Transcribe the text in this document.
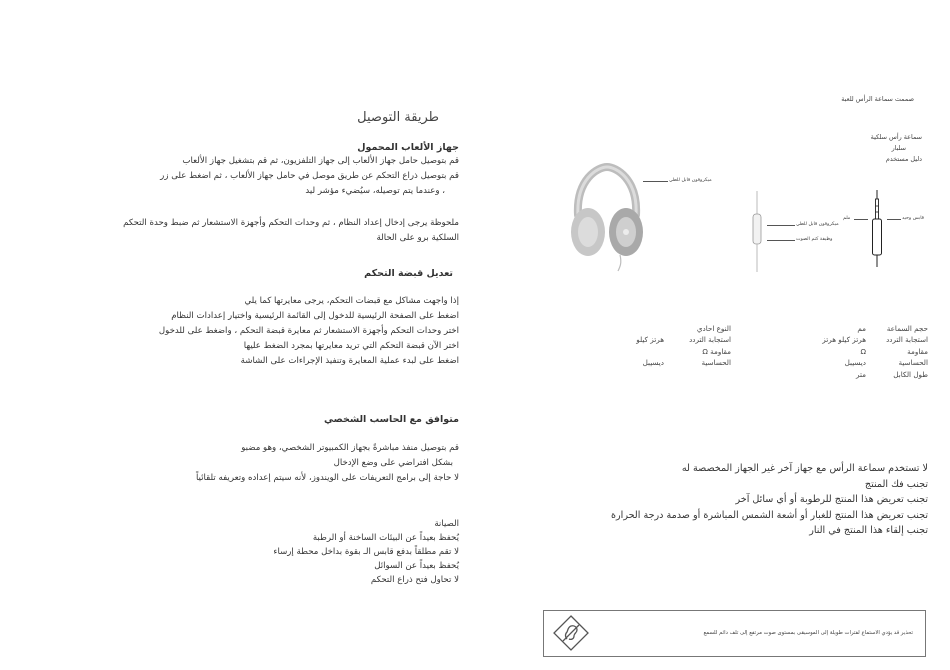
طريقة التوصيل
جهاز الألعاب المحمول
قم بتوصيل حامل جهاز الألعاب إلى جهاز التلفزيون، ثم قم بتشغيل جهاز الألعاب
قم بتوصيل ذراع التحكم عن طريق موصل في حامل جهاز الألعاب ، ثم اضغط على زر
، وعندما يتم توصيله، سيُضيء مؤشر ليد
ملحوظة يرجى إدخال إعداد النظام ، ثم وحدات التحكم وأجهزة الاستشعار ثم ضبط وحدة التحكم
السلكية برو على الحالة
تعديل قبضة التحكم
إذا واجهت مشاكل مع قبضات التحكم، يرجى معايرتها كما يلي
اضغط على الصفحة الرئيسية للدخول إلى القائمة الرئيسية واختيار إعدادات النظام
اختر وحدات التحكم وأجهزة الاستشعار ثم معايرة قبضة التحكم ، واضغط على للدخول
اختر الآن قبضة التحكم التي تريد معايرتها بمجرد الضغط عليها
اضغط على لبدء عملية المعايرة وتنفيذ الإجراءات على الشاشة
متوافق مع الحاسب الشخصي
قم بتوصيل منفذ مباشرةً بجهاز الكمبيوتر الشخصي، وهو مضبو
بشكل افتراضي على وضع الإدخال
لا حاجة إلى برامج التعريفات على الويندوز، لأنه سيتم إعداده وتعريفه تلقائياً
الصيانة
يُحفظ بعيداً عن البيئات الساخنة أو الرطبة
لا تقم مطلقاً بدفع قابس الـ بقوة بداخل محطة إرساء
يُحفظ بعيداً عن السوائل
لا تحاول فتح ذراع التحكم
صممت سماعة الرأس للعبة
سماعة رأس سلكية
سلبار
دليل مستخدم
ميكروفون قابل للطي
ميكروفون قابل للطي
وظيفة كتم الصوت
ملم	قابس وحيد
حجم السماعة
استجابة التردد
مقاومة
الحساسية
طول الكابل
مم
هرتز كيلو هرتز
Ω
ديسيبل
متر
النوع احادي
استجابة التردد
مقاومة Ω
الحساسية

هرتز كيلو

ديسيبل
لا تستخدم سماعة الرأس مع جهاز آخر غير الجهاز المخصصة له
تجنب فك المنتج
تجنب تعريض هذا المنتج للرطوبة أو أي سائل آخر
تجنب تعريض هذا المنتج للغبار أو أشعة الشمس المباشرة أو صدمة درجة الحرارة
تجنب إلقاء هذا المنتج في النار
تحذير قد يؤدي الاستماع لفترات طويلة إلى الموسيقى بمستوى صوت مرتفع إلى تلف دائم للسمع
